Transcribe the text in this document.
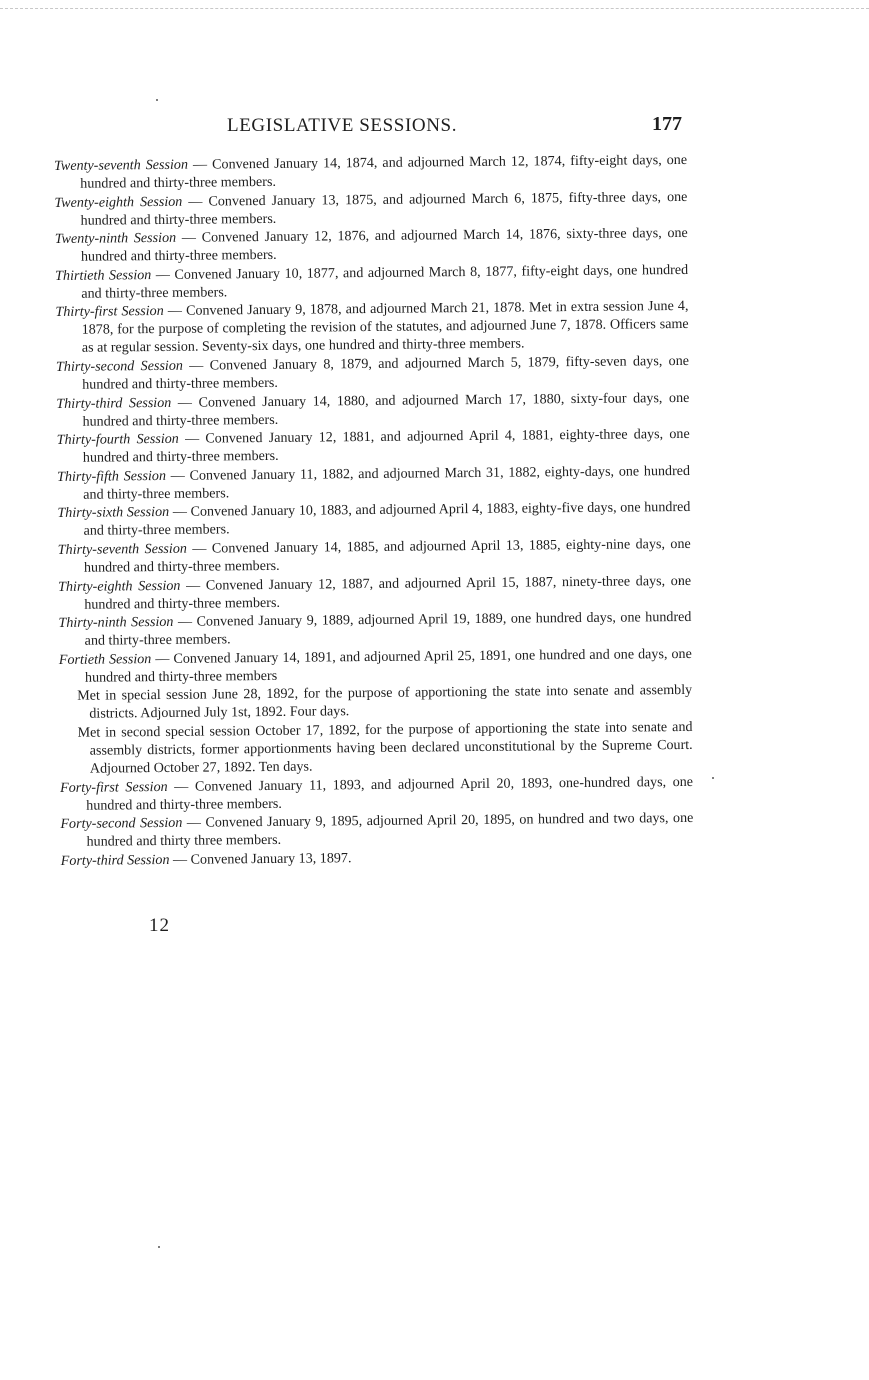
LEGISLATIVE SESSIONS.	177

Twenty-seventh Session — Convened January 14, 1874, and adjourned March 12, 1874, fifty-eight days, one hundred and thirty-three members.

Twenty-eighth Session — Convened January 13, 1875, and adjourned March 6, 1875, fifty-three days, one hundred and thirty-three members.

Twenty-ninth Session — Convened January 12, 1876, and adjourned March 14, 1876, sixty-three days, one hundred and thirty-three members.

Thirtieth Session — Convened January 10, 1877, and adjourned March 8, 1877, fifty-eight days, one hundred and thirty-three members.

Thirty-first Session — Convened January 9, 1878, and adjourned March 21, 1878. Met in extra session June 4, 1878, for the purpose of completing the revision of the statutes, and adjourned June 7, 1878. Officers same as at regular session. Seventy-six days, one hundred and thirty-three members.

Thirty-second Session — Convened January 8, 1879, and adjourned March 5, 1879, fifty-seven days, one hundred and thirty-three members.

Thirty-third Session — Convened January 14, 1880, and adjourned March 17, 1880, sixty-four days, one hundred and thirty-three members.

Thirty-fourth Session — Convened January 12, 1881, and adjourned April 4, 1881, eighty-three days, one hundred and thirty-three members.

Thirty-fifth Session — Convened January 11, 1882, and adjourned March 31, 1882, eighty-days, one hundred and thirty-three members.

Thirty-sixth Session — Convened January 10, 1883, and adjourned April 4, 1883, eighty-five days, one hundred and thirty-three members.

Thirty-seventh Session — Convened January 14, 1885, and adjourned April 13, 1885, eighty-nine days, one hundred and thirty-three members.

Thirty-eighth Session — Convened January 12, 1887, and adjourned April 15, 1887, ninety-three days, one hundred and thirty-three members.

Thirty-ninth Session — Convened January 9, 1889, adjourned April 19, 1889, one hundred days, one hundred and thirty-three members.

Fortieth Session — Convened January 14, 1891, and adjourned April 25, 1891, one hundred and one days, one hundred and thirty-three members

Met in special session June 28, 1892, for the purpose of apportioning the state into senate and assembly districts. Adjourned July 1st, 1892. Four days.

Met in second special session October 17, 1892, for the purpose of apportioning the state into senate and assembly districts, former apportionments having been declared unconstitutional by the Supreme Court. Adjourned October 27, 1892. Ten days.

Forty-first Session — Convened January 11, 1893, and adjourned April 20, 1893, one-hundred days, one hundred and thirty-three members.

Forty-second Session — Convened January 9, 1895, adjourned April 20, 1895, on hundred and two days, one hundred and thirty three members.

Forty-third Session — Convened January 13, 1897.

12
